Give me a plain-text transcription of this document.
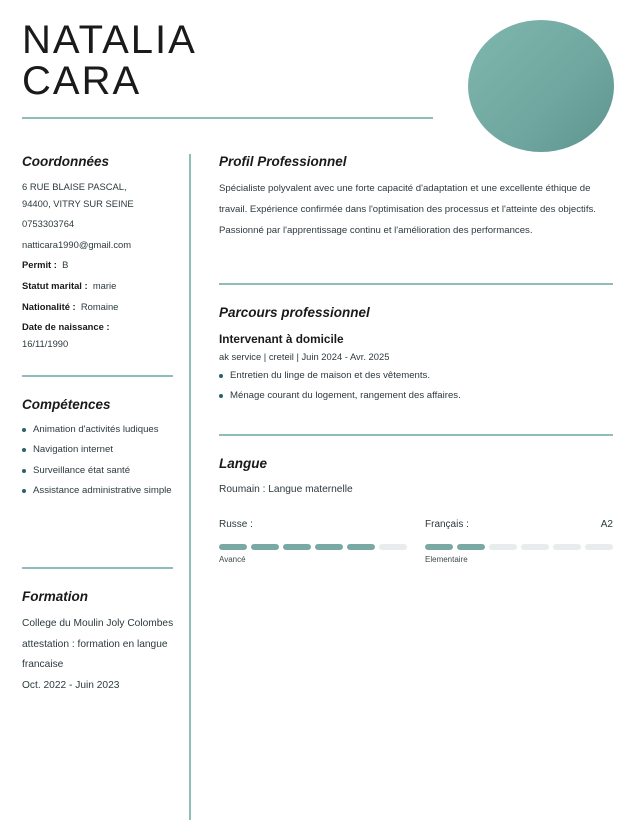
NATALIA
CARA
Coordonnées
6 RUE BLAISE PASCAL,
94400, VITRY SUR SEINE
0753303764
natticara1990@gmail.com
Permit : B
Statut marital : marie
Nationalité : Romaine
Date de naissance :
16/11/1990
Compétences
Animation d'activités ludiques
Navigation internet
Surveillance état santé
Assistance administrative simple
Formation
College du Moulin Joly Colombes
attestation : formation en langue francaise
Oct. 2022 - Juin 2023
Profil Professionnel
Spécialiste polyvalent avec une forte capacité d'adaptation et une excellente éthique de travail. Expérience confirmée dans l'optimisation des processus et l'atteinte des objectifs. Passionné par l'apprentissage continu et l'amélioration des performances.
Parcours professionnel
Intervenant à domicile
ak service | creteil | Juin 2024 - Avr. 2025
Entretien du linge de maison et des vêtements.
Ménage courant du logement, rangement des affaires.
Langue
Roumain : Langue maternelle
Russe :
Avancé
Français :	A2
Elementaire
